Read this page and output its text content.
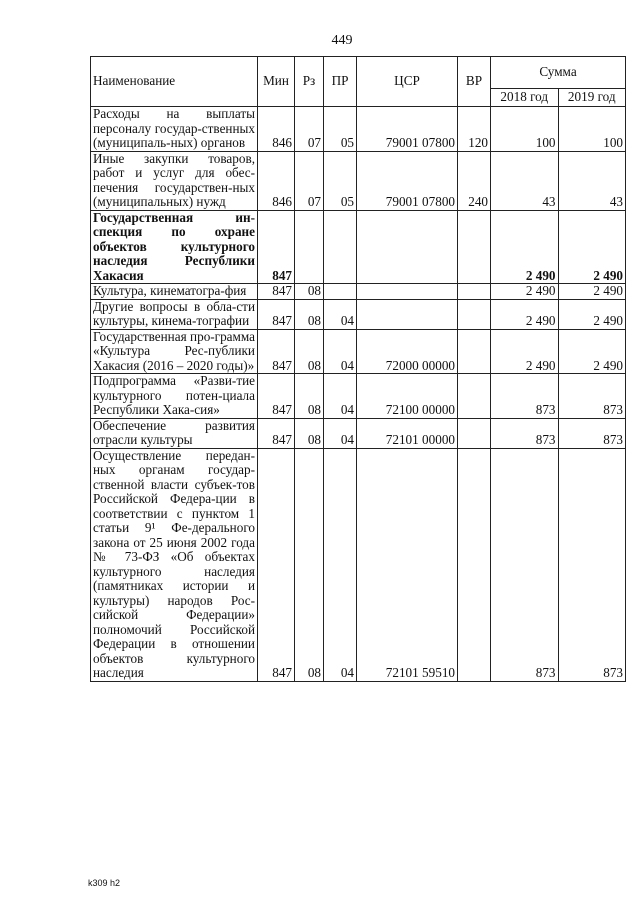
449
Наименование	Мин	Рз	ПР	ЦСР	ВР	Сумма	
						2018 год	2019 год
Расходы на выплаты персоналу государ-ственных (муниципаль-ных) органов	846	07	05	79001 07800	120	100	100
Иные закупки товаров, работ и услуг для обес-печения государствен-ных (муниципальных) нужд	846	07	05	79001 07800	240	43	43
Государственная ин-спекция по охране объектов культурного наследия Республики Хакасия	847					2 490	2 490
Культура, кинематогра-фия	847	08				2 490	2 490
Другие вопросы в обла-сти культуры, кинема-тографии	847	08	04			2 490	2 490
Государственная про-грамма «Культура Рес-публики Хакасия (2016 – 2020 годы)»	847	08	04	72000 00000		2 490	2 490
Подпрограмма «Разви-тие культурного потен-циала Республики Хака-сия»	847	08	04	72100 00000		873	873
Обеспечение развития отрасли культуры	847	08	04	72101 00000		873	873
Осуществление передан-ных органам государ-ственной власти субъек-тов Российской Федера-ции в соответствии с пунктом 1 статьи 9¹ Фе-дерального закона от 25 июня 2002 года № 73-ФЗ «Об объектах культурного наследия (памятниках истории и культуры) народов Рос-сийской Федерации» полномочий Российской Федерации в отношении объектов культурного наследия	847	08	04	72101 59510		873	873
k309 h2
